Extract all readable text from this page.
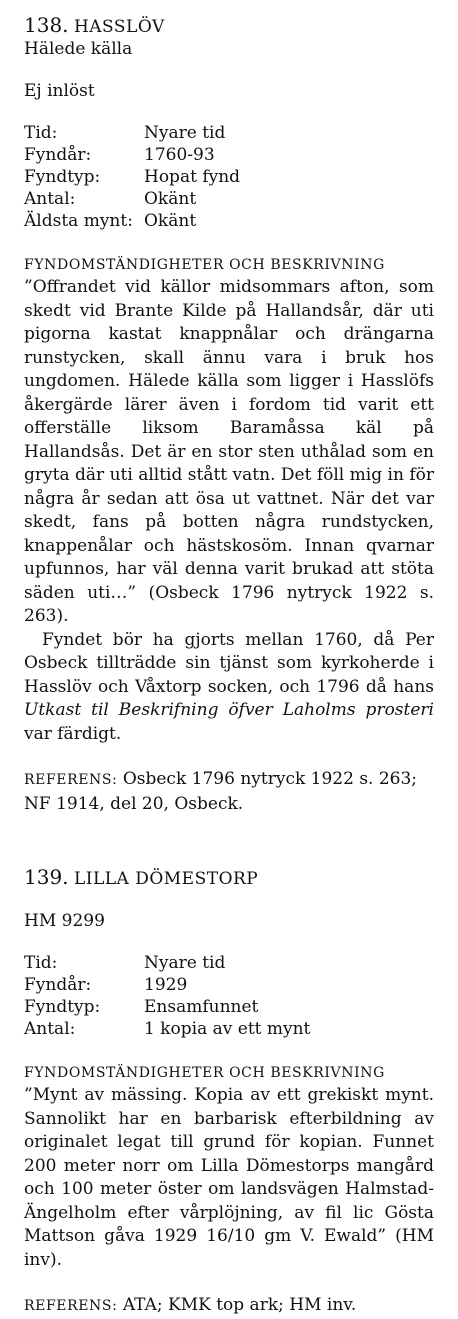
138. HASSLÖV
Hälede källa
Ej inlöst
Tid:	Nyare tid
Fyndår:	1760-93
Fyndtyp:	Hopat fynd
Antal:	Okänt
Äldsta mynt: Okänt
FYNDOMSTÄNDIGHETER OCH BESKRIVNING

”Offrandet vid källor midsommars afton, som skedt vid Brante Kilde på Hallandsår, där uti pigorna kastat knappnålar och drängarna runstycken, skall ännu vara i bruk hos ungdomen. Hälede källa som ligger i Hasslöfs åkergärde lärer även i fordom tid varit ett offerställe liksom Baramåssa käl på Hallandsås. Det är en stor sten uthålad som en gryta där uti alltid stått vatn. Det föll mig in för några år sedan att ösa ut vattnet. När det var skedt, fans på botten några rundstycken, knappenålar och hästskosöm. Innan qvarnar upfunnos, har väl denna varit brukad att stöta säden uti…” (Osbeck 1796 nytryck 1922 s. 263).

Fyndet bör ha gjorts mellan 1760, då Per Osbeck tillträdde sin tjänst som kyrkoherde i Hasslöv och Våxtorp socken, och 1796 då hans Utkast til Beskrifning öfver Laholms prosteri var färdigt.

REFERENS: Osbeck 1796 nytryck 1922 s. 263; NF 1914, del 20, Osbeck.
139. LILLA DÖMESTORP
HM 9299
Tid:	Nyare tid
Fyndår:	1929
Fyndtyp:	Ensamfunnet
Antal:	1 kopia av ett mynt
FYNDOMSTÄNDIGHETER OCH BESKRIVNING

”Mynt av mässing. Kopia av ett grekiskt mynt. Sannolikt har en barbarisk efterbildning av originalet legat till grund för kopian. Funnet 200 meter norr om Lilla Dömestorps mangård och 100 meter öster om landsvägen Halmstad-Ängelholm efter vårplöjning, av fil lic Gösta Mattson gåva 1929 16/10 gm V. Ewald” (HM inv).

REFERENS: ATA; KMK top ark; HM inv.
